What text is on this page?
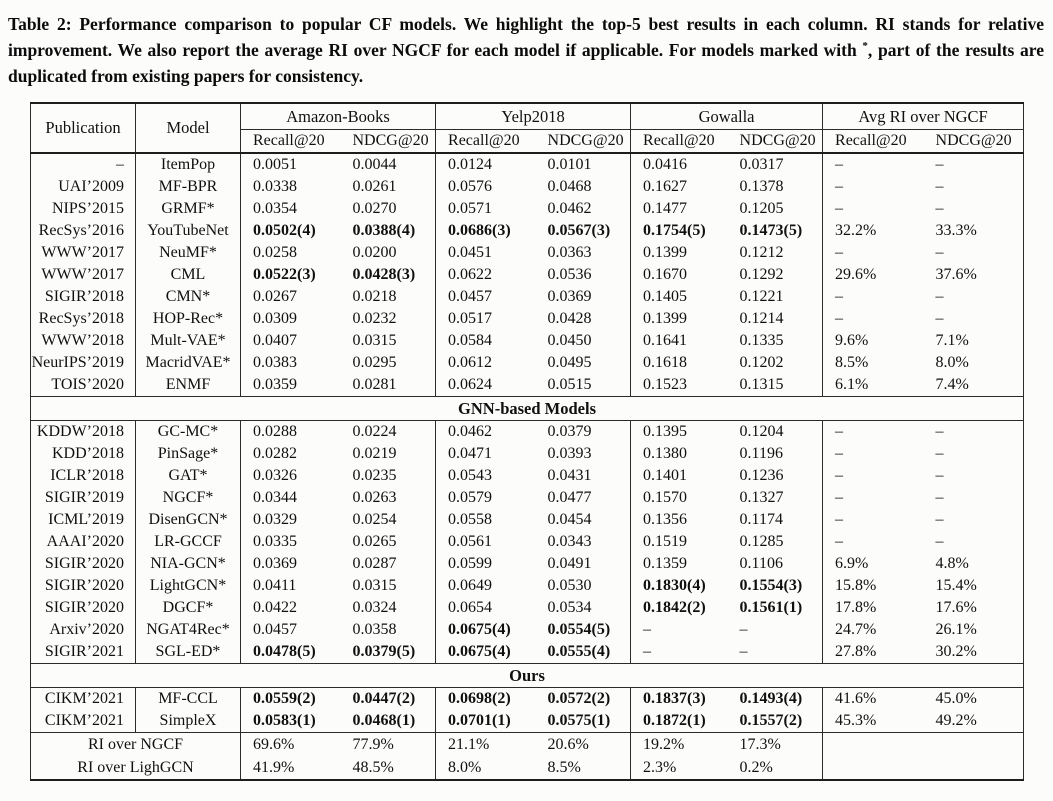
Table 2: Performance comparison to popular CF models. We highlight the top-5 best results in each column. RI stands for relative improvement. We also report the average RI over NGCF for each model if applicable. For models marked with *, part of the results are duplicated from existing papers for consistency.
Publication	Model	Amazon-Books		Yelp2018		Gowalla		Avg RI over NGCF	
		Recall@20	NDCG@20	Recall@20	NDCG@20	Recall@20	NDCG@20	Recall@20	NDCG@20
–	ItemPop	0.0051	0.0044	0.0124	0.0101	0.0416	0.0317	–	–
UAI’2009	MF-BPR	0.0338	0.0261	0.0576	0.0468	0.1627	0.1378	–	–
NIPS’2015	GRMF*	0.0354	0.0270	0.0571	0.0462	0.1477	0.1205	–	–
RecSys’2016	YouTubeNet	0.0502(4)	0.0388(4)	0.0686(3)	0.0567(3)	0.1754(5)	0.1473(5)	32.2%	33.3%
WWW’2017	NeuMF*	0.0258	0.0200	0.0451	0.0363	0.1399	0.1212	–	–
WWW’2017	CML	0.0522(3)	0.0428(3)	0.0622	0.0536	0.1670	0.1292	29.6%	37.6%
SIGIR’2018	CMN*	0.0267	0.0218	0.0457	0.0369	0.1405	0.1221	–	–
RecSys’2018	HOP-Rec*	0.0309	0.0232	0.0517	0.0428	0.1399	0.1214	–	–
WWW’2018	Mult-VAE*	0.0407	0.0315	0.0584	0.0450	0.1641	0.1335	9.6%	7.1%
NeurIPS’2019	MacridVAE*	0.0383	0.0295	0.0612	0.0495	0.1618	0.1202	8.5%	8.0%
TOIS’2020	ENMF	0.0359	0.0281	0.0624	0.0515	0.1523	0.1315	6.1%	7.4%
GNN-based Models									
KDDW’2018	GC-MC*	0.0288	0.0224	0.0462	0.0379	0.1395	0.1204	–	–
KDD’2018	PinSage*	0.0282	0.0219	0.0471	0.0393	0.1380	0.1196	–	–
ICLR’2018	GAT*	0.0326	0.0235	0.0543	0.0431	0.1401	0.1236	–	–
SIGIR’2019	NGCF*	0.0344	0.0263	0.0579	0.0477	0.1570	0.1327	–	–
ICML’2019	DisenGCN*	0.0329	0.0254	0.0558	0.0454	0.1356	0.1174	–	–
AAAI’2020	LR-GCCF	0.0335	0.0265	0.0561	0.0343	0.1519	0.1285	–	–
SIGIR’2020	NIA-GCN*	0.0369	0.0287	0.0599	0.0491	0.1359	0.1106	6.9%	4.8%
SIGIR’2020	LightGCN*	0.0411	0.0315	0.0649	0.0530	0.1830(4)	0.1554(3)	15.8%	15.4%
SIGIR’2020	DGCF*	0.0422	0.0324	0.0654	0.0534	0.1842(2)	0.1561(1)	17.8%	17.6%
Arxiv’2020	NGAT4Rec*	0.0457	0.0358	0.0675(4)	0.0554(5)	–	–	24.7%	26.1%
SIGIR’2021	SGL-ED*	0.0478(5)	0.0379(5)	0.0675(4)	0.0555(4)	–	–	27.8%	30.2%
Ours									
CIKM’2021	MF-CCL	0.0559(2)	0.0447(2)	0.0698(2)	0.0572(2)	0.1837(3)	0.1493(4)	41.6%	45.0%
CIKM’2021	SimpleX	0.0583(1)	0.0468(1)	0.0701(1)	0.0575(1)	0.1872(1)	0.1557(2)	45.3%	49.2%
RI over NGCF		69.6%	77.9%	21.1%	20.6%	19.2%	17.3%		
RI over LighGCN		41.9%	48.5%	8.0%	8.5%	2.3%	0.2%		
